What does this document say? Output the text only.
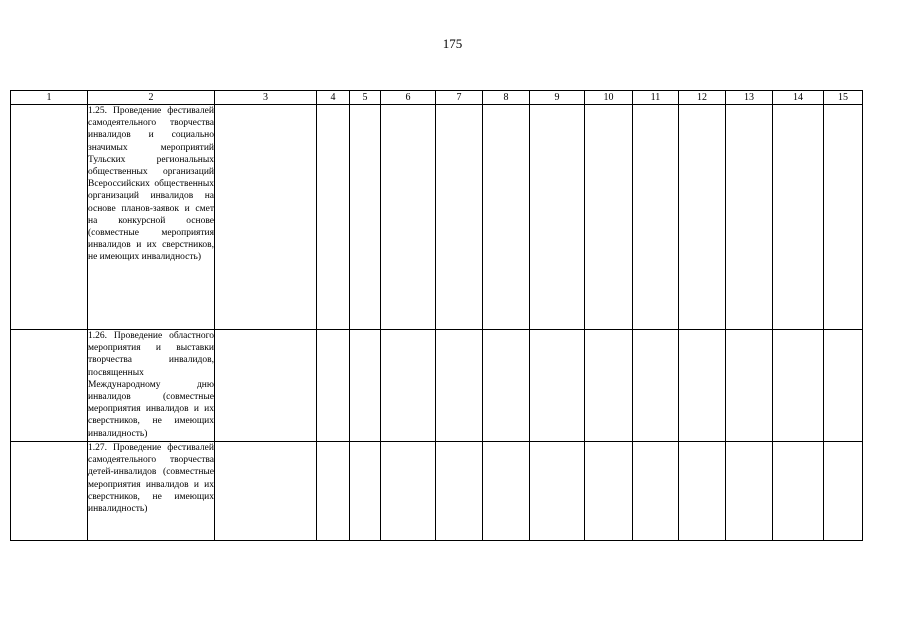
175
1	2	3	4	5	6	7	8	9	10	11	12	13	14	15
	1.25. Проведение фестивалей самодеятельного творчества инвалидов и социально значимых мероприятий Тульских региональных общественных организаций Всероссийских общественных организаций инвалидов на основе планов-заявок и смет на конкурсной основе (совместные мероприятия инвалидов и их сверстников, не имеющих инвалидность)													
	1.26. Проведение областного мероприятия и выставки творчества инвалидов, посвященных Международному дню инвалидов (совместные мероприятия инвалидов и их сверстников, не имеющих инвалидность)													
	1.27. Проведение фестивалей самодеятельного творчества детей-инвалидов (совместные мероприятия инвалидов и их сверстников, не имеющих инвалидность)													
